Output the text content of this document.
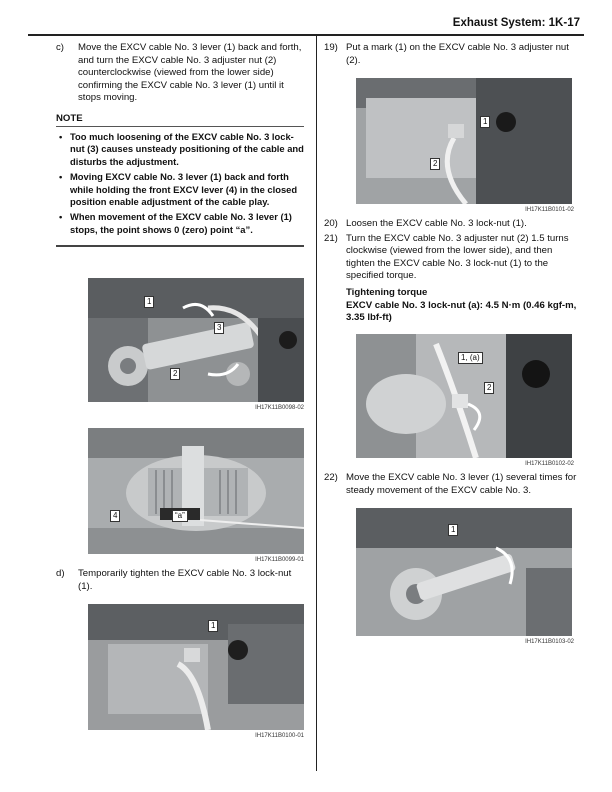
Exhaust System: 1K-17

c) Move the EXCV cable No. 3 lever (1) back and forth, and turn the EXCV cable No. 3 adjuster nut (2) counterclockwise (viewed from the lower side) confirming the EXCV cable No. 3 lever (1) until it stops moving.

NOTE
• Too much loosening of the EXCV cable No. 3 lock-nut (3) causes unsteady positioning of the cable and disturbs the adjustment.
• Moving EXCV cable No. 3 lever (1) back and forth while holding the front EXCV lever (4) in the closed position enable adjustment of the cable play.
• When movement of the EXCV cable No. 3 lever (1) stops, the point shows 0 (zero) point “a”.
1
3
2
IH17K11B0098-02
4	“a”
IH17K11B0099-01

d) Temporarily tighten the EXCV cable No. 3 lock-nut (1).

1
IH17K11B0100-01

19) Put a mark (1) on the EXCV cable No. 3 adjuster nut (2).

1
2
IH17K11B0101-02

20) Loosen the EXCV cable No. 3 lock-nut (1).

21) Turn the EXCV cable No. 3 adjuster nut (2) 1.5 turns clockwise (viewed from the lower side), and then tighten the EXCV cable No. 3 lock-nut (1) to the specified torque.

Tightening torque
EXCV cable No. 3 lock-nut (a): 4.5 N·m (0.46 kgf-m, 3.35 lbf-ft)
1, (a)
2
IH17K11B0102-02

22) Move the EXCV cable No. 3 lever (1) several times for steady movement of the EXCV cable No. 3.

1
IH17K11B0103-02
